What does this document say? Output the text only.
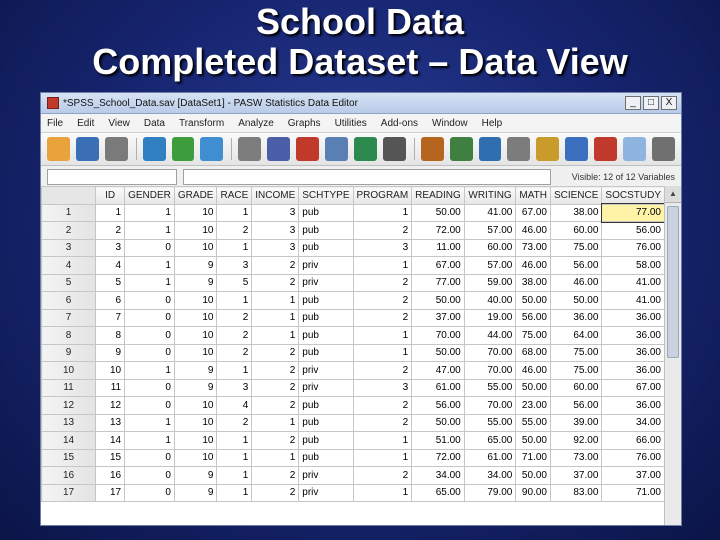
School Data
Completed Dataset – Data View
*SPSS_School_Data.sav [DataSet1] - PASW Statistics Data Editor	_	□	X
File Edit View Data Transform Analyze Graphs Utilities Add-ons Window Help
Visible: 12 of 12 Variables
	ID	GENDER	GRADE	RACE	INCOME	SCHTYPE	PROGRAM	READING	WRITING	MATH	SCIENCE	SOCSTUDY
1	1	1	10	1	3	pub	1	50.00	41.00	67.00	38.00	77.00
2	2	1	10	2	3	pub	2	72.00	57.00	46.00	60.00	56.00
3	3	0	10	1	3	pub	3	11.00	60.00	73.00	75.00	76.00
4	4	1	9	3	2	priv	1	67.00	57.00	46.00	56.00	58.00
5	5	1	9	5	2	priv	2	77.00	59.00	38.00	46.00	41.00
6	6	0	10	1	1	pub	2	50.00	40.00	50.00	50.00	41.00
7	7	0	10	2	1	pub	2	37.00	19.00	56.00	36.00	36.00
8	8	0	10	2	1	pub	1	70.00	44.00	75.00	64.00	36.00
9	9	0	10	2	2	pub	1	50.00	70.00	68.00	75.00	36.00
10	10	1	9	1	2	priv	2	47.00	70.00	46.00	75.00	36.00
11	11	0	9	3	2	priv	3	61.00	55.00	50.00	60.00	67.00
12	12	0	10	4	2	pub	2	56.00	70.00	23.00	56.00	36.00
13	13	1	10	2	1	pub	2	50.00	55.00	55.00	39.00	34.00
14	14	1	10	1	2	pub	1	51.00	65.00	50.00	92.00	66.00
15	15	0	10	1	1	pub	1	72.00	61.00	71.00	73.00	76.00
16	16	0	9	1	2	priv	2	34.00	34.00	50.00	37.00	37.00
17	17	0	9	1	2	priv	1	65.00	79.00	90.00	83.00	71.00
▲
